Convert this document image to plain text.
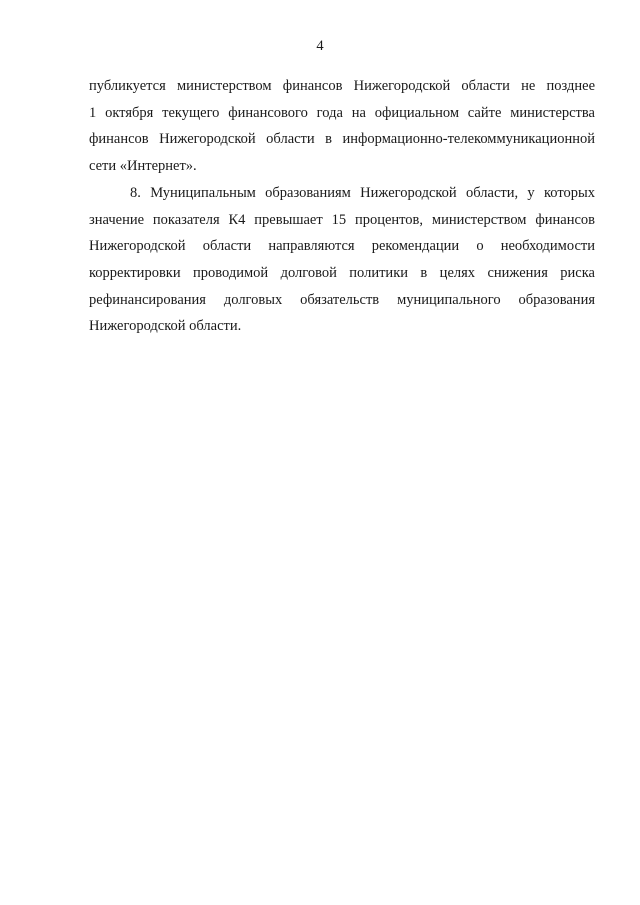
4
публикуется министерством финансов Нижегородской области не позднее
1 октября текущего финансового года на официальном сайте министерства
финансов Нижегородской области в информационно-телекоммуникационной
сети «Интернет».
8. Муниципальным образованиям Нижегородской области, у которых
значение показателя К4 превышает 15 процентов, министерством финансов
Нижегородской области направляются рекомендации о необходимости
корректировки проводимой долговой политики в целях снижения риска
рефинансирования долговых обязательств муниципального образования
Нижегородской области.
